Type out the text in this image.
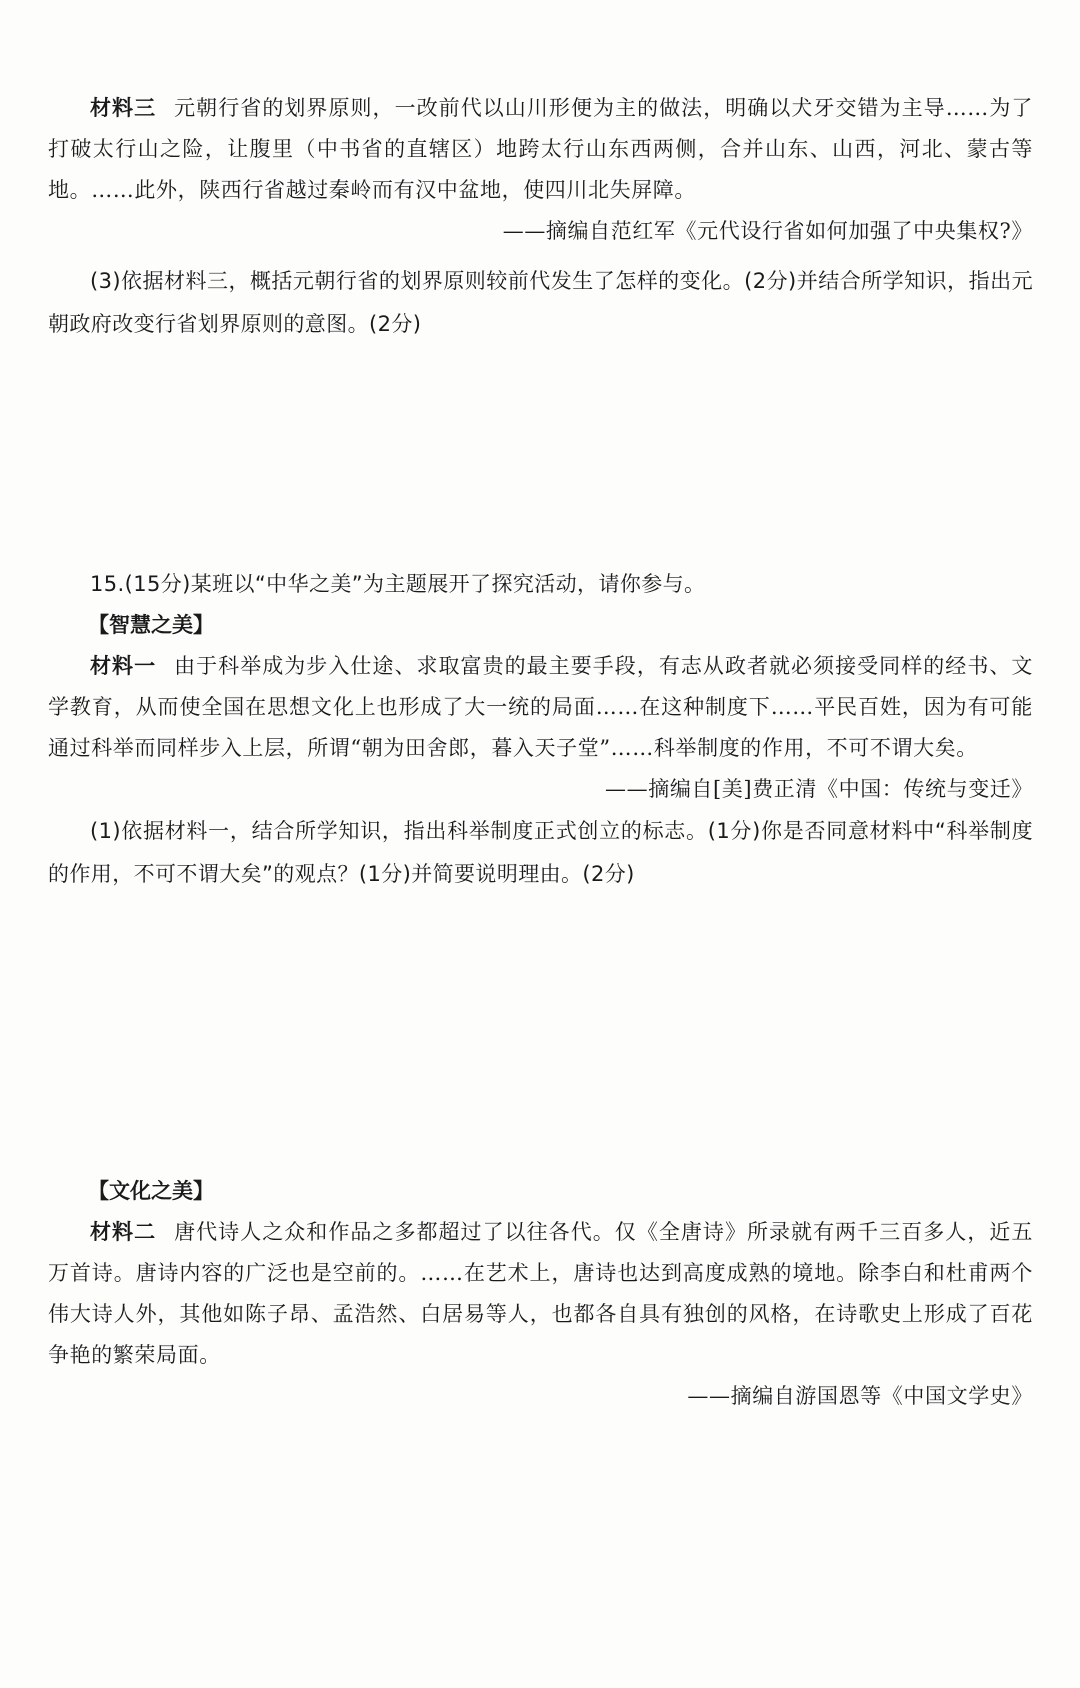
材料三 元朝行省的划界原则，一改前代以山川形便为主的做法，明确以犬牙交错为主导……为了打破太行山之险，让腹里（中书省的直辖区）地跨太行山东西两侧，合并山东、山西，河北、蒙古等地。……此外，陕西行省越过秦岭而有汉中盆地，使四川北失屏障。

——摘编自范红军《元代设行省如何加强了中央集权?》

(3)依据材料三，概括元朝行省的划界原则较前代发生了怎样的变化。(2分)并结合所学知识，指出元朝政府改变行省划界原则的意图。(2分)

15.(15分)某班以“中华之美”为主题展开了探究活动，请你参与。

【智慧之美】

材料一 由于科举成为步入仕途、求取富贵的最主要手段，有志从政者就必须接受同样的经书、文学教育，从而使全国在思想文化上也形成了大一统的局面……在这种制度下……平民百姓，因为有可能通过科举而同样步入上层，所谓“朝为田舍郎，暮入天子堂”……科举制度的作用，不可不谓大矣。

——摘编自[美]费正清《中国：传统与变迁》

(1)依据材料一，结合所学知识，指出科举制度正式创立的标志。(1分)你是否同意材料中“科举制度的作用，不可不谓大矣”的观点？(1分)并简要说明理由。(2分)

【文化之美】

材料二 唐代诗人之众和作品之多都超过了以往各代。仅《全唐诗》所录就有两千三百多人，近五万首诗。唐诗内容的广泛也是空前的。……在艺术上，唐诗也达到高度成熟的境地。除李白和杜甫两个伟大诗人外，其他如陈子昂、孟浩然、白居易等人，也都各自具有独创的风格，在诗歌史上形成了百花争艳的繁荣局面。

——摘编自游国恩等《中国文学史》
